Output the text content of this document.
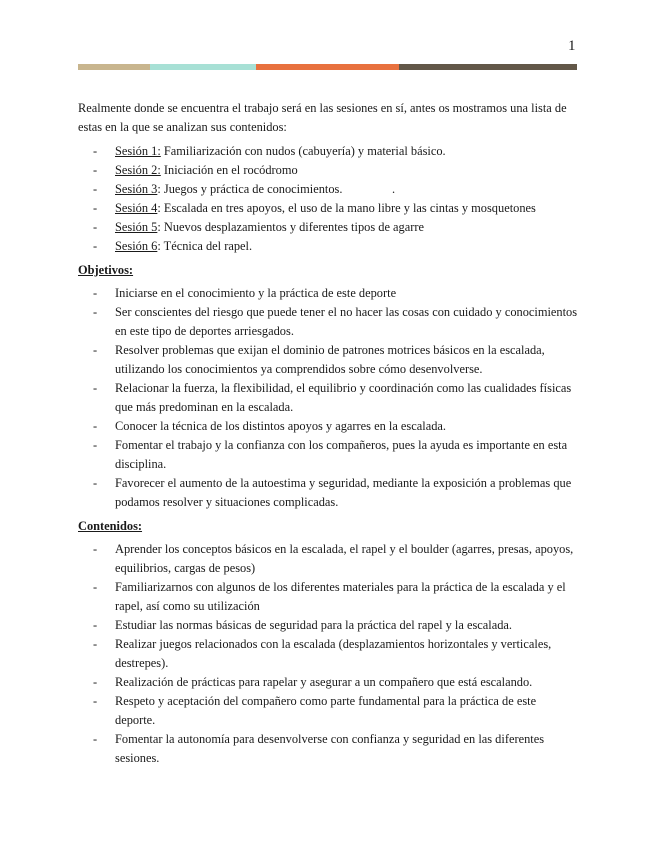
1

Realmente donde se encuentra el trabajo será en las sesiones en sí, antes os mostramos una lista de estas en la que se analizan sus contenidos:

- Sesión 1: Familiarización con nudos (cabuyería) y material básico.
- Sesión 2: Iniciación en el rocódromo
- Sesión 3: Juegos y práctica de conocimientos.                .
- Sesión 4: Escalada en tres apoyos, el uso de la mano libre y las cintas y mosquetones
- Sesión 5: Nuevos desplazamientos y diferentes tipos de agarre
- Sesión 6: Técnica del rapel.
Objetivos:
- Iniciarse en el conocimiento y la práctica de este deporte
- Ser conscientes del riesgo que puede tener el no hacer las cosas con cuidado y conocimientos en este tipo de deportes arriesgados.
- Resolver problemas que exijan el dominio de patrones motrices básicos en la escalada, utilizando los conocimientos ya comprendidos sobre cómo desenvolverse.
- Relacionar la fuerza, la flexibilidad, el equilibrio y coordinación como las cualidades físicas que más predominan en la escalada.
- Conocer la técnica de los distintos apoyos y agarres en la escalada.
- Fomentar el trabajo y la confianza con los compañeros, pues la ayuda es importante en esta disciplina.
- Favorecer el aumento de la autoestima y seguridad, mediante la exposición a problemas que podamos resolver y situaciones complicadas.
Contenidos:
- Aprender los conceptos básicos en la escalada, el rapel y el boulder (agarres, presas, apoyos, equilibrios, cargas de pesos)
- Familiarizarnos con algunos de los diferentes materiales para la práctica de la escalada y el rapel, así como su utilización
- Estudiar las normas básicas de seguridad para la práctica del rapel y la escalada.
- Realizar juegos relacionados con la escalada (desplazamientos horizontales y verticales, destrepes).
- Realización de prácticas para rapelar y asegurar a un compañero que está escalando.
- Respeto y aceptación del compañero como parte fundamental para la práctica de este deporte.
- Fomentar la autonomía para desenvolverse con confianza y seguridad en las diferentes sesiones.
